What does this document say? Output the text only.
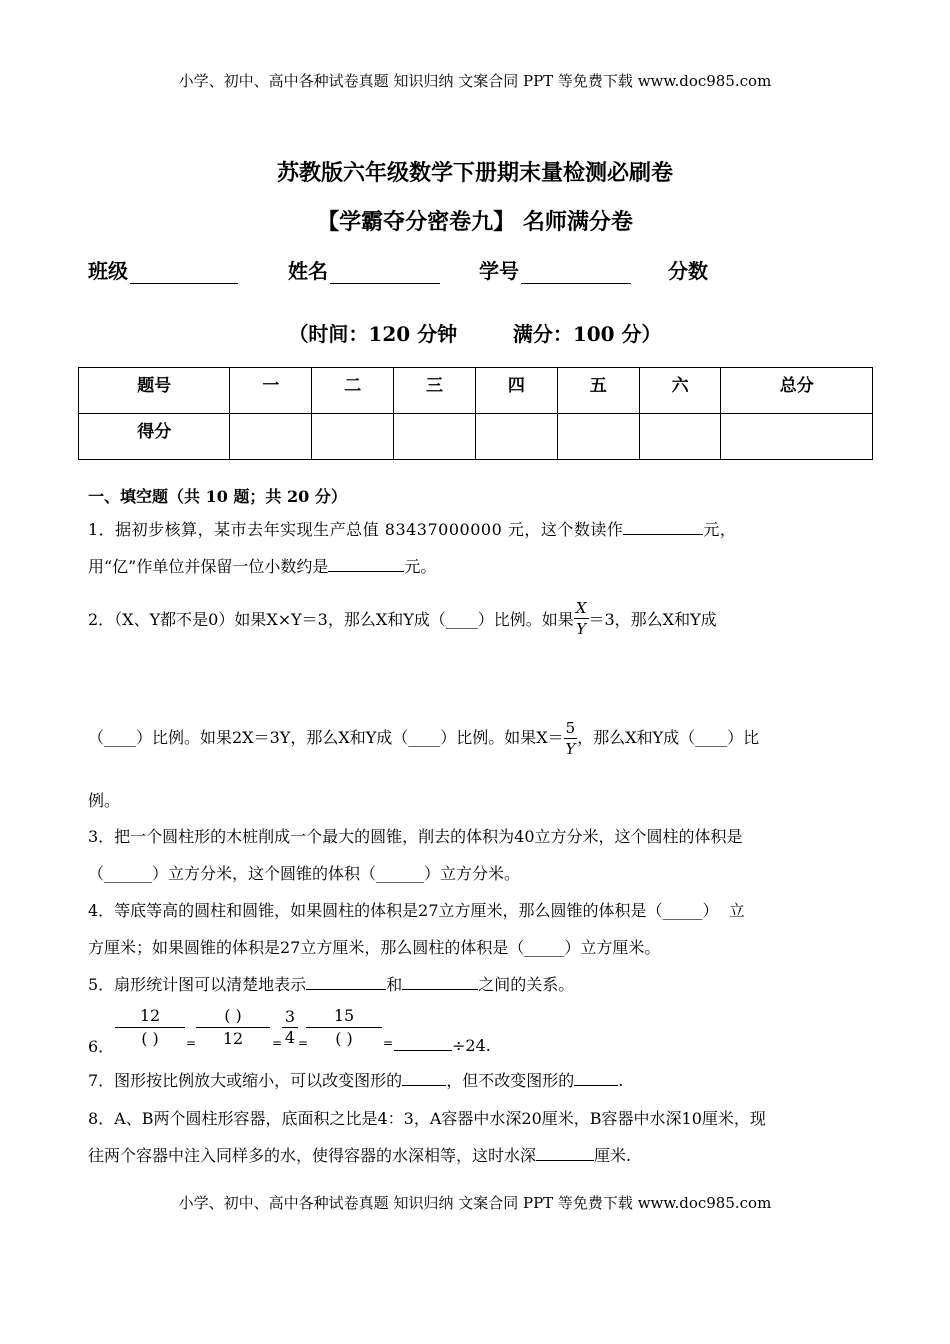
小学、初中、高中各种试卷真题 知识归纳 文案合同 PPT 等免费下载 www.doc985.com
苏教版六年级数学下册期末量检测必刷卷
【学霸夺分密卷九】 名师满分卷
班级	姓名	学号	分数
（时间：120 分钟        满分：100 分）
题号	一	二	三	四	五	六	总分
得分							
一、填空题（共 10 题；共 20 分）
1．据初步核算，某市去年实现生产总值 83437000000 元，这个数读作	元，
用“亿”作单位并保留一位小数约是	元。
2．（X、Y都不是0）如果X×Y＝3，那么X和Y成（____）比例。如果 $\frac{X}{Y} =3$，那么X和Y成
（____）比例。如果2X＝3Y，那么X和Y成（____）比例。如果$X= \frac{5}{Y}$ ，那么X和Y成（____）比
例。
3．把一个圆柱形的木桩削成一个最大的圆锥，削去的体积为40立方分米，这个圆柱的体积是
（______）立方分米，这个圆锥的体积（______）立方分米。
4．等底等高的圆柱和圆锥，如果圆柱的体积是27立方厘米，那么圆锥的体积是（_____）  立
方厘米；如果圆锥的体积是27立方厘米，那么圆柱的体积是（_____）立方厘米。
5．扇形统计图可以清楚地表示	和	之间的关系。
6．
12
( )	=
( )
12	=
3
4 =
15
( )	=	÷24.
7．图形按比例放大或缩小，可以改变图形的	，但不改变图形的	.
8．A、B两个圆柱形容器，底面积之比是4：3，A容器中水深20厘米，B容器中水深10厘米，现
往两个容器中注入同样多的水，使得容器的水深相等，这时水深	厘米.
小学、初中、高中各种试卷真题 知识归纳 文案合同 PPT 等免费下载 www.doc985.com
